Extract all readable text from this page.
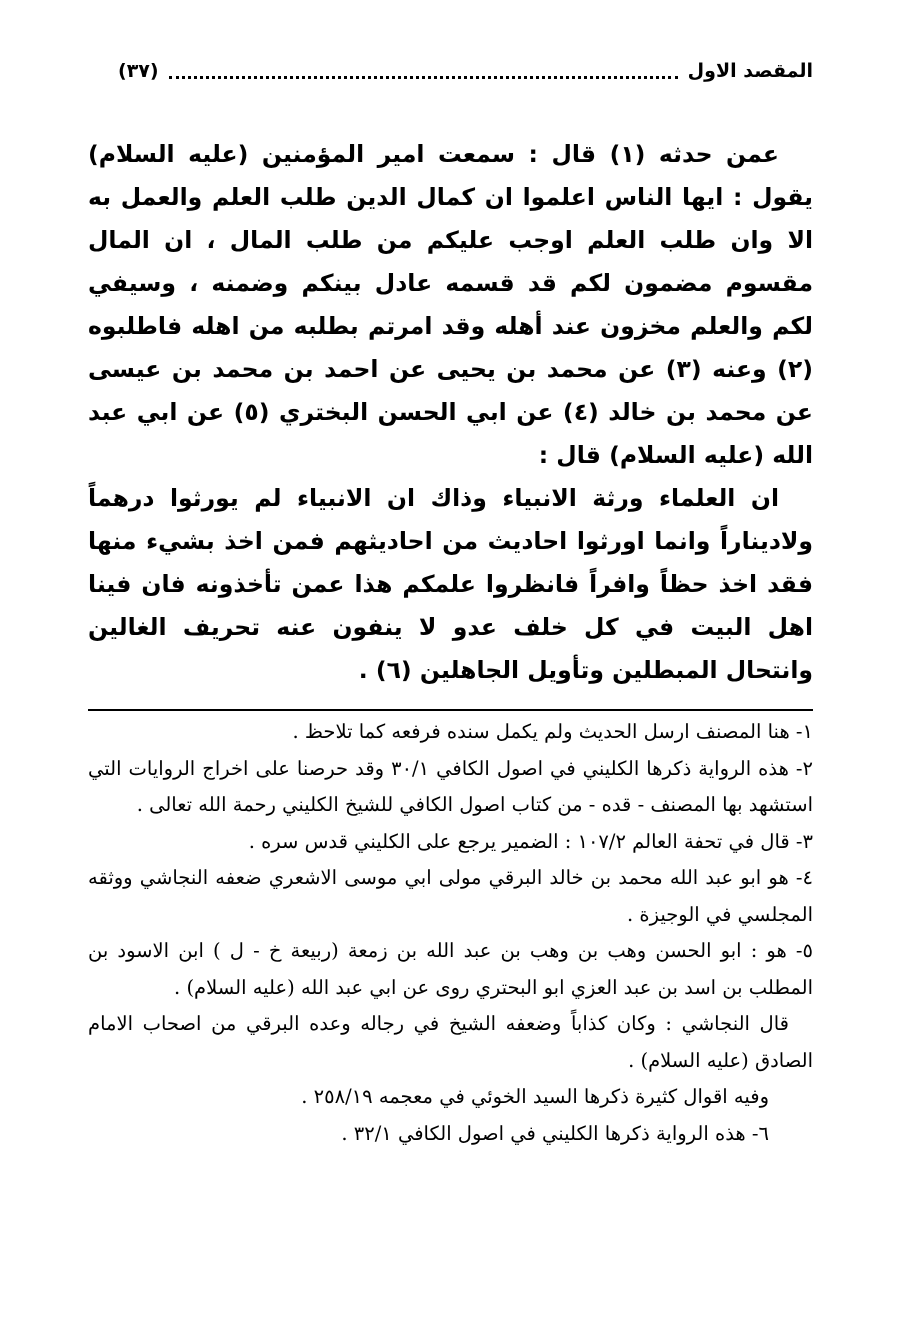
المقصد الاول
(٣٧)

عمن حدثه (١) قال : سمعت امير المؤمنين (عليه السلام) يقول : ايها الناس اعلموا ان كمال الدين طلب العلم والعمل به الا وان طلب العلم اوجب عليكم من طلب المال ، ان المال مقسوم مضمون لكم قد قسمه عادل بينكم وضمنه ، وسيفي لكم والعلم مخزون عند أهله وقد امرتم بطلبه من اهله فاطلبوه (٢) وعنه (٣) عن محمد بن يحيى عن احمد بن محمد بن عيسى عن محمد بن خالد (٤) عن ابي الحسن البختري (٥) عن ابي عبد الله (عليه السلام) قال :

ان العلماء ورثة الانبياء وذاك ان الانبياء لم يورثوا درهماً ولاديناراً وانما اورثوا احاديث من احاديثهم فمن اخذ بشيء منها فقد اخذ حظاً وافراً فانظروا علمكم هذا عمن تأخذونه فان فينا اهل البيت في كل خلف عدو لا ينفون عنه تحريف الغالين وانتحال المبطلين وتأويل الجاهلين (٦) .

١- هنا المصنف ارسل الحديث ولم يكمل سنده فرفعه كما تلاحظ .

٢- هذه الرواية ذكرها الكليني في اصول الكافي ٣٠/١ وقد حرصنا على اخراج الروايات التي استشهد بها المصنف - قده - من كتاب اصول الكافي للشيخ الكليني رحمة الله تعالى .

٣- قال في تحفة العالم ١٠٧/٢ : الضمير يرجع على الكليني قدس سره .

٤- هو ابو عبد الله محمد بن خالد البرقي مولى ابي موسى الاشعري ضعفه النجاشي ووثقه المجلسي في الوجيزة .

٥- هو : ابو الحسن وهب بن وهب بن عبد الله بن زمعة (ربيعة خ - ل ) ابن الاسود بن المطلب بن اسد بن عبد العزي ابو البحتري روى عن ابي عبد الله (عليه السلام) .

قال النجاشي : وكان كذاباً وضعفه الشيخ في رجاله وعده البرقي من اصحاب الامام الصادق (عليه السلام) .

وفيه اقوال كثيرة ذكرها السيد الخوئي في معجمه ٢٥٨/١٩ .

٦- هذه الرواية ذكرها الكليني في اصول الكافي ٣٢/١ .
